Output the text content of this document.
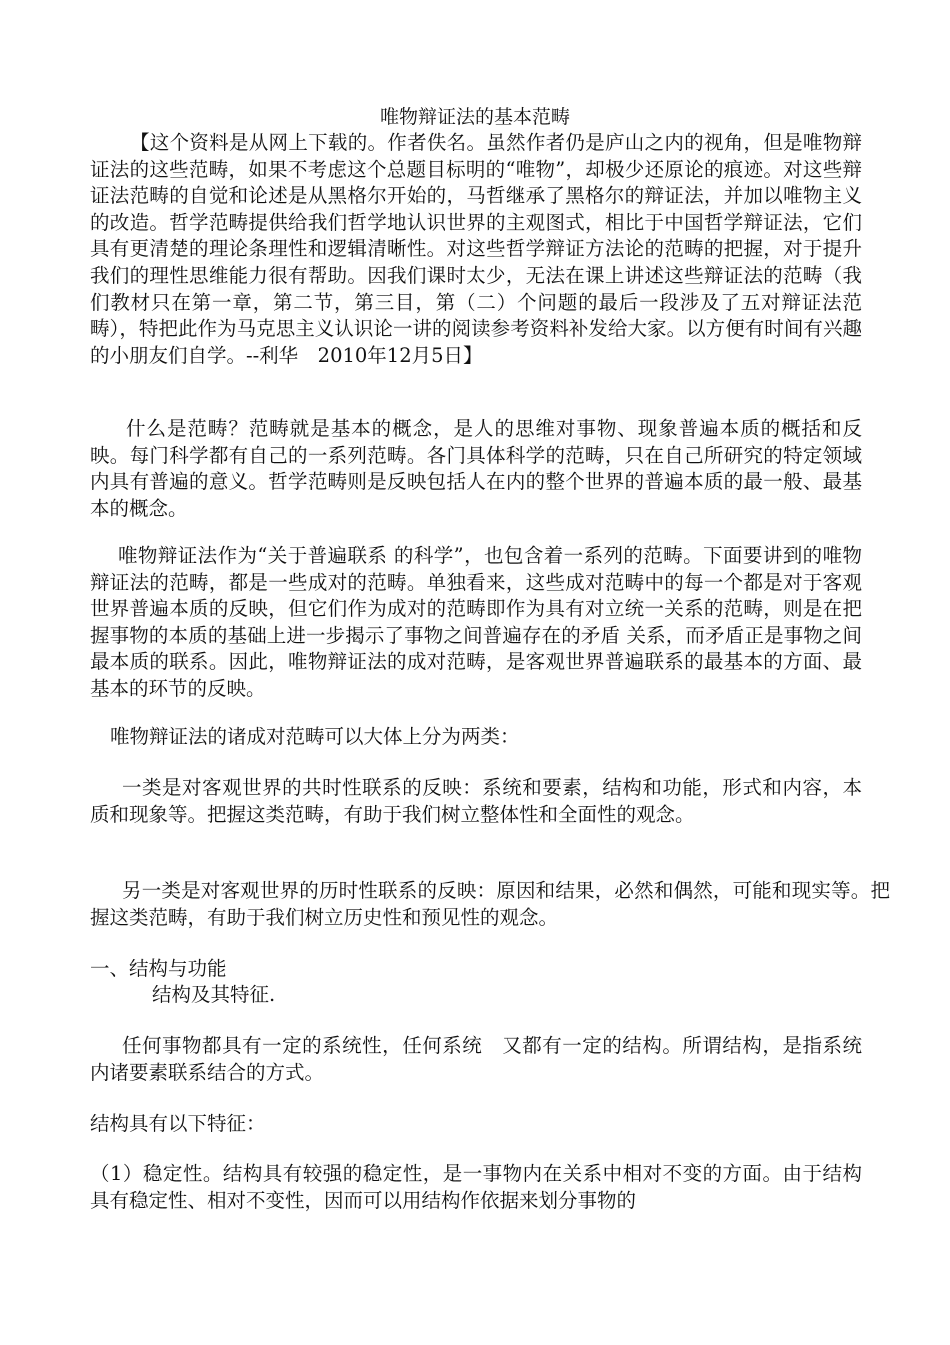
唯物辩证法的基本范畴

【这个资料是从网上下载的。作者佚名。虽然作者仍是庐山之内的视角，但是唯物辩证法的这些范畴，如果不考虑这个总题目标明的“唯物”，却极少还原论的痕迹。对这些辩证法范畴的自觉和论述是从黑格尔开始的，马哲继承了黑格尔的辩证法，并加以唯物主义的改造。哲学范畴提供给我们哲学地认识世界的主观图式，相比于中国哲学辩证法，它们具有更清楚的理论条理性和逻辑清晰性。对这些哲学辩证方法论的范畴的把握，对于提升我们的理性思维能力很有帮助。因我们课时太少，无法在课上讲述这些辩证法的范畴（我们教材只在第一章，第二节，第三目，第（二）个问题的最后一段涉及了五对辩证法范畴），特把此作为马克思主义认识论一讲的阅读参考资料补发给大家。以方便有时间有兴趣的小朋友们自学。--利华　2010年12月5日】

什么是范畴？范畴就是基本的概念，是人的思维对事物、现象普遍本质的概括和反映。每门科学都有自己的一系列范畴。各门具体科学的范畴，只在自己所研究的特定领域内具有普遍的意义。哲学范畴则是反映包括人在内的整个世界的普遍本质的最一般、最基本的概念。

唯物辩证法作为“关于普遍联系 的科学”，也包含着一系列的范畴。下面要讲到的唯物辩证法的范畴，都是一些成对的范畴。单独看来，这些成对范畴中的每一个都是对于客观世界普遍本质的反映，但它们作为成对的范畴即作为具有对立统一关系的范畴，则是在把握事物的本质的基础上进一步揭示了事物之间普遍存在的矛盾 关系，而矛盾正是事物之间最本质的联系。因此，唯物辩证法的成对范畴，是客观世界普遍联系的最基本的方面、最基本的环节的反映。

唯物辩证法的诸成对范畴可以大体上分为两类：

一类是对客观世界的共时性联系的反映：系统和要素，结构和功能，形式和内容，本质和现象等。把握这类范畴，有助于我们树立整体性和全面性的观念。

另一类是对客观世界的历时性联系的反映：原因和结果，必然和偶然，可能和现实等。把握这类范畴，有助于我们树立历史性和预见性的观念。

一、结构与功能
结构及其特征.

任何事物都具有一定的系统性，任何系统　又都有一定的结构。所谓结构，是指系统内诸要素联系结合的方式。

结构具有以下特征：

（1）稳定性。结构具有较强的稳定性，是一事物内在关系中相对不变的方面。由于结构具有稳定性、相对不变性，因而可以用结构作依据来划分事物的
